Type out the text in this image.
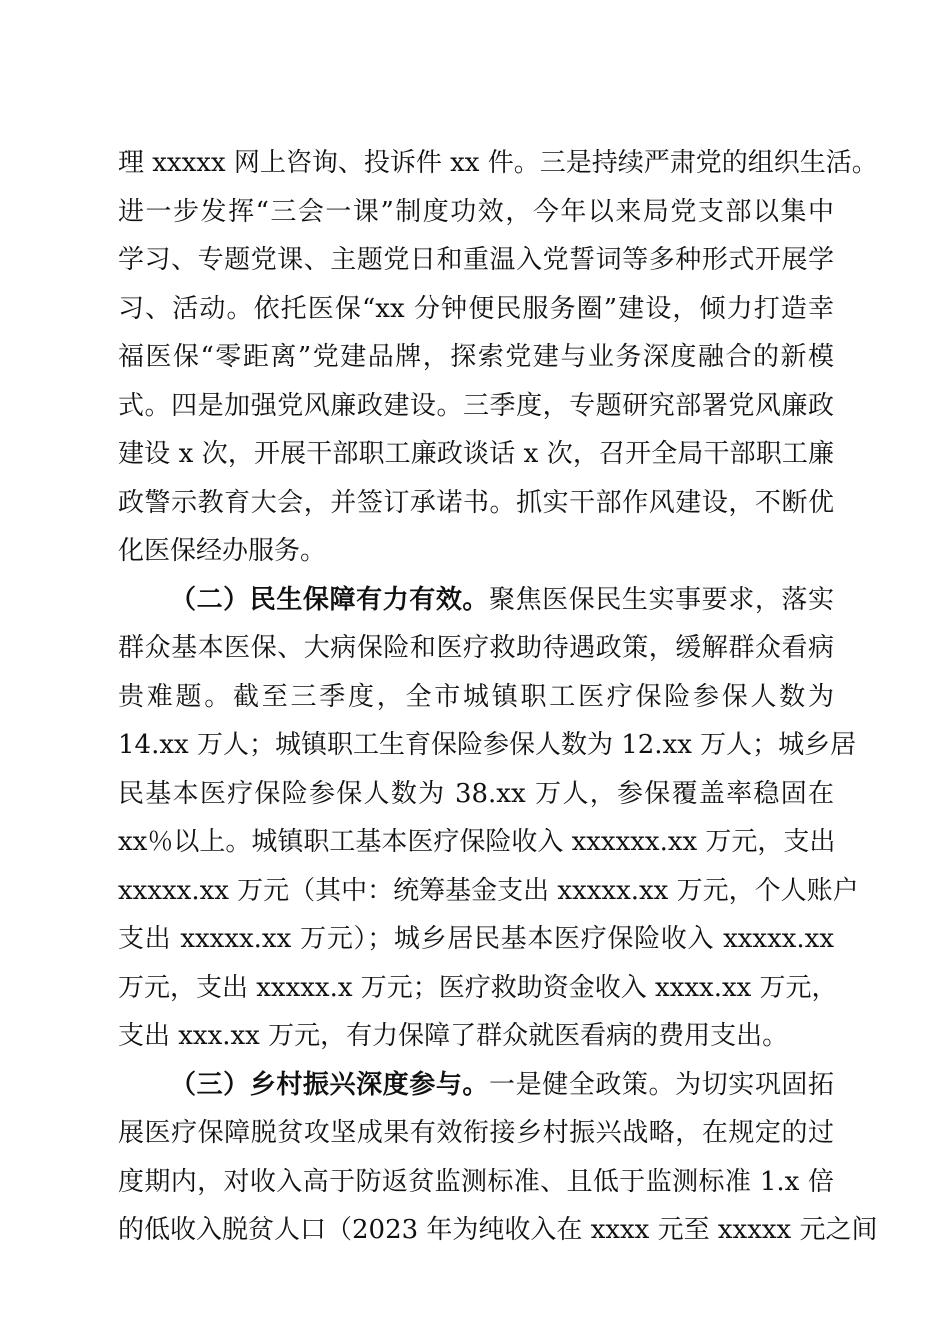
理 xxxxx 网上咨询、投诉件 xx 件。三是持续严肃党的组织生活。
进一步发挥“三会一课”制度功效，今年以来局党支部以集中
学习、专题党课、主题党日和重温入党誓词等多种形式开展学
习、活动。依托医保“xx 分钟便民服务圈”建设，倾力打造幸
福医保“零距离”党建品牌，探索党建与业务深度融合的新模
式。四是加强党风廉政建设。三季度，专题研究部署党风廉政
建设 x 次，开展干部职工廉政谈话 x 次，召开全局干部职工廉
政警示教育大会，并签订承诺书。抓实干部作风建设，不断优
化医保经办服务。
（二）民生保障有力有效。聚焦医保民生实事要求，落实
群众基本医保、大病保险和医疗救助待遇政策，缓解群众看病
贵难题。截至三季度，全市城镇职工医疗保险参保人数为
14.xx 万人；城镇职工生育保险参保人数为 12.xx 万人；城乡居
民基本医疗保险参保人数为 38.xx 万人，参保覆盖率稳固在
xx％以上。城镇职工基本医疗保险收入 xxxxxx.xx 万元，支出
xxxxx.xx 万元（其中：统筹基金支出 xxxxx.xx 万元，个人账户
支出 xxxxx.xx 万元）；城乡居民基本医疗保险收入 xxxxx.xx
万元，支出 xxxxx.x 万元；医疗救助资金收入 xxxx.xx 万元，
支出 xxx.xx 万元，有力保障了群众就医看病的费用支出。
（三）乡村振兴深度参与。一是健全政策。为切实巩固拓
展医疗保障脱贫攻坚成果有效衔接乡村振兴战略，在规定的过
度期内，对收入高于防返贫监测标准、且低于监测标准 1.x 倍
的低收入脱贫人口（2023 年为纯收入在 xxxx 元至 xxxxx 元之间
